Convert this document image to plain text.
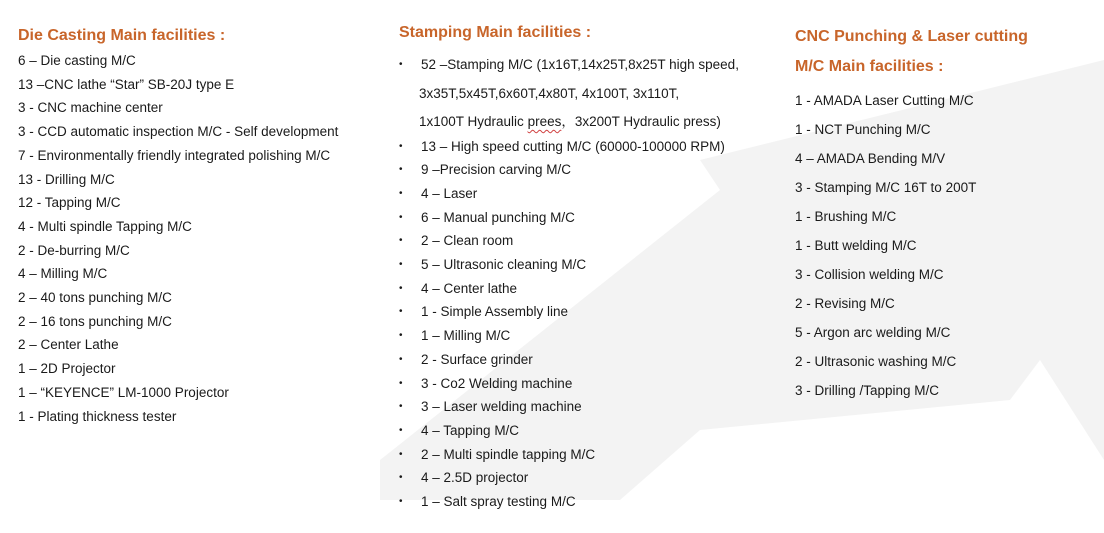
Die Casting Main facilities :
6 – Die casting M/C
13 –CNC lathe “Star” SB-20J type E
3 - CNC machine center
3 - CCD automatic inspection M/C - Self development
7 - Environmentally friendly integrated polishing M/C
13 - Drilling M/C
12 - Tapping M/C
4 - Multi spindle Tapping M/C
2 - De-burring M/C
4 – Milling M/C
2 – 40 tons punching M/C
2 – 16 tons punching M/C
2 – Center Lathe
1 – 2D Projector
1 – “KEYENCE” LM-1000 Projector
1 - Plating thickness tester
Stamping Main facilities :
• 52 –Stamping M/C (1x16T,14x25T,8x25T high speed,
3x35T,5x45T,6x60T,4x80T, 4x100T, 3x110T,
1x100T Hydraulic prees，3x200T Hydraulic press)
• 13 – High speed cutting M/C (60000-100000 RPM)
• 9 –Precision carving M/C
• 4 – Laser
• 6 – Manual punching M/C
• 2 – Clean room
• 5 – Ultrasonic cleaning M/C
• 4 – Center lathe
• 1 - Simple Assembly line
• 1 – Milling M/C
• 2 - Surface grinder
• 3 - Co2 Welding machine
• 3 – Laser welding machine
• 4 – Tapping M/C
• 2 – Multi spindle tapping M/C
• 4 – 2.5D projector
• 1 – Salt spray testing M/C
CNC Punching & Laser cutting
M/C Main facilities :
1 - AMADA Laser Cutting M/C
1 - NCT Punching M/C
4 – AMADA Bending M/V
3 - Stamping M/C 16T to 200T
1 - Brushing M/C
1 - Butt welding M/C
3 - Collision welding M/C
2 - Revising M/C
5 - Argon arc welding M/C
2 - Ultrasonic washing M/C
3 - Drilling /Tapping M/C
